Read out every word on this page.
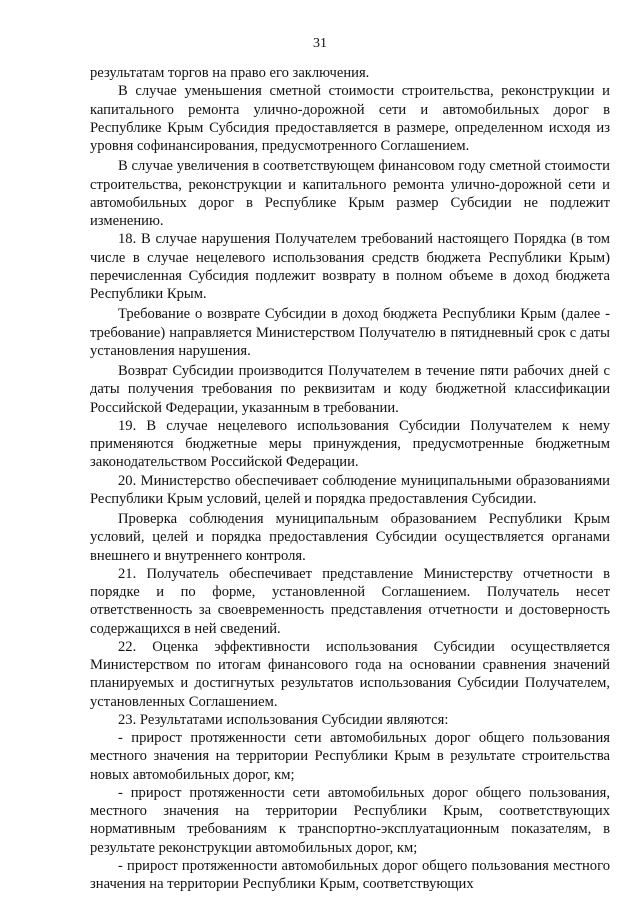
31

результатам торгов на право его заключения.

В случае уменьшения сметной стоимости строительства, реконструкции и капитального ремонта улично-дорожной сети и автомобильных дорог в Республике Крым Субсидия предоставляется в размере, определенном исходя из уровня софинансирования, предусмотренного Соглашением.

В случае увеличения в соответствующем финансовом году сметной стоимости строительства, реконструкции и капитального ремонта улично-дорожной сети и автомобильных дорог в Республике Крым размер Субсидии не подлежит изменению.

18. В случае нарушения Получателем требований настоящего Порядка (в том числе в случае нецелевого использования средств бюджета Республики Крым) перечисленная Субсидия подлежит возврату в полном объеме в доход бюджета Республики Крым.

Требование о возврате Субсидии в доход бюджета Республики Крым (далее - требование) направляется Министерством Получателю в пятидневный срок с даты установления нарушения.

Возврат Субсидии производится Получателем в течение пяти рабочих дней с даты получения требования по реквизитам и коду бюджетной классификации Российской Федерации, указанным в требовании.

19. В случае нецелевого использования Субсидии Получателем к нему применяются бюджетные меры принуждения, предусмотренные бюджетным законодательством Российской Федерации.

20. Министерство обеспечивает соблюдение муниципальными образованиями Республики Крым условий, целей и порядка предоставления Субсидии.

Проверка соблюдения муниципальным образованием Республики Крым условий, целей и порядка предоставления Субсидии осуществляется органами внешнего и внутреннего контроля.

21. Получатель обеспечивает представление Министерству отчетности в порядке и по форме, установленной Соглашением. Получатель несет ответственность за своевременность представления отчетности и достоверность содержащихся в ней сведений.

22. Оценка эффективности использования Субсидии осуществляется Министерством по итогам финансового года на основании сравнения значений планируемых и достигнутых результатов использования Субсидии Получателем, установленных Соглашением.

23. Результатами использования Субсидии являются:

- прирост протяженности сети автомобильных дорог общего пользования местного значения на территории Республики Крым в результате строительства новых автомобильных дорог, км;

- прирост протяженности сети автомобильных дорог общего пользования, местного значения на территории Республики Крым, соответствующих нормативным требованиям к транспортно-эксплуатационным показателям, в результате реконструкции автомобильных дорог, км;

- прирост протяженности автомобильных дорог общего пользования местного значения на территории Республики Крым, соответствующих
